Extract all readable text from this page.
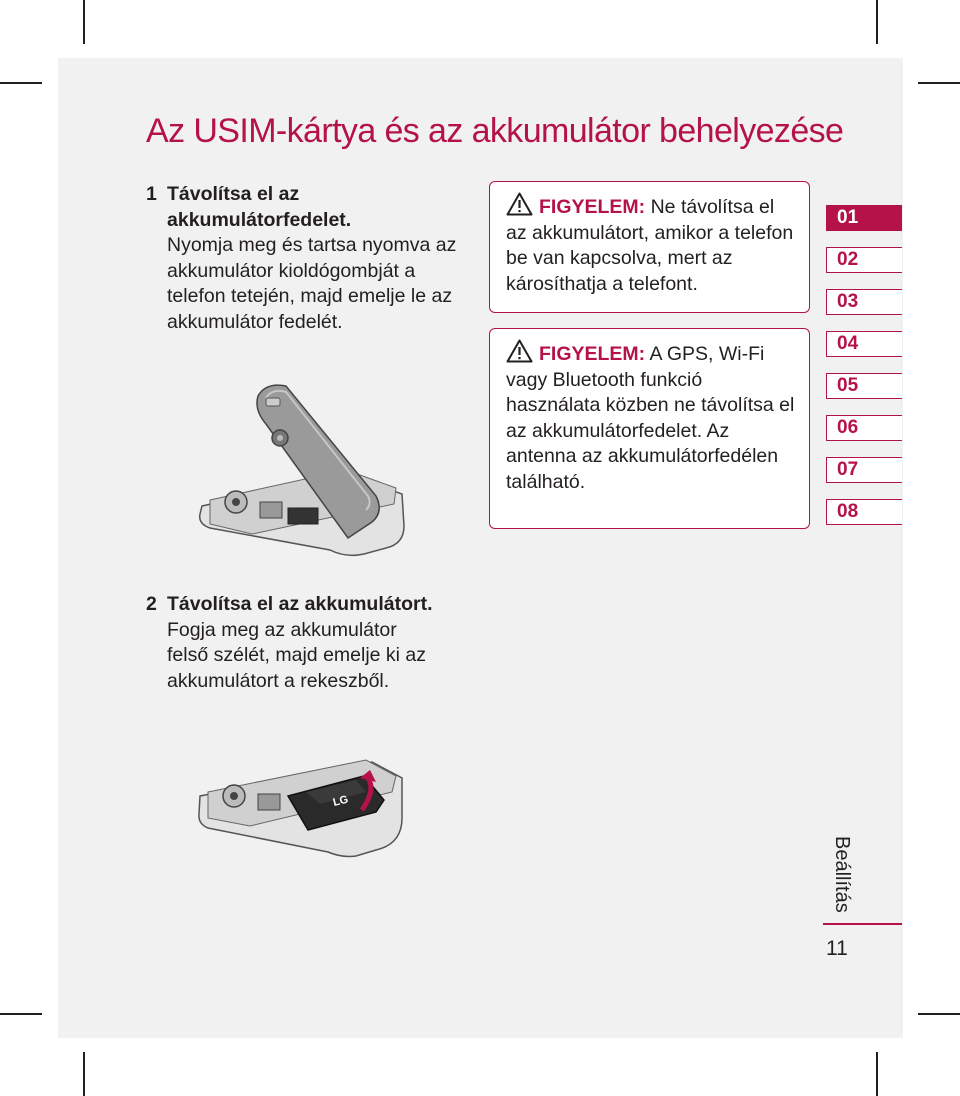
Az USIM-kártya és az akkumulátor behelyezése
1 Távolítsa el az akkumulátorfedelet.
Nyomja meg és tartsa nyomva az akkumulátor kioldógombját a telefon tetején, majd emelje le az akkumulátor fedelét.
FIGYELEM: Ne távolítsa el az akkumulátort, amikor a telefon be van kapcsolva, mert az károsíthatja a telefont.
FIGYELEM: A GPS, Wi-Fi vagy Bluetooth funkció használata közben ne távolítsa el az akkumulátorfedelet. Az antenna az akkumulátorfedélen található.
01
02
03
04
05
06
07
08
2 Távolítsa el az akkumulátort.
Fogja meg az akkumulátor felső szélét, majd emelje ki az akkumulátort a rekeszből.
LG
Beállítás
11
